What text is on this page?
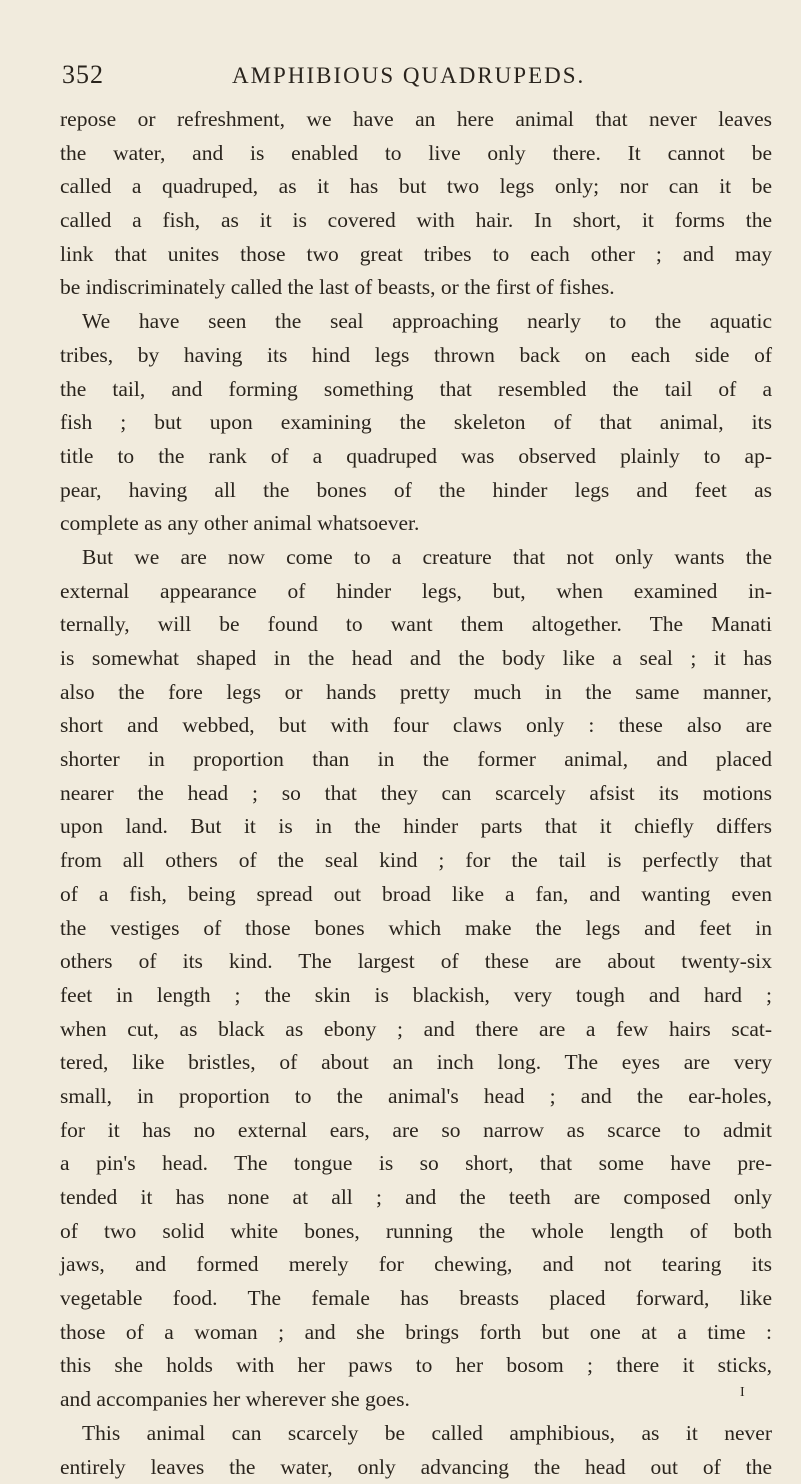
352	AMPHIBIOUS QUADRUPEDS.
repose or refreshment, we have an here animal that never leaves
the water, and is enabled to live only there. It cannot be
called a quadruped, as it has but two legs only; nor can it be
called a fish, as it is covered with hair. In short, it forms the
link that unites those two great tribes to each other ; and may
be indiscriminately called the last of beasts, or the first of fishes.
We have seen the seal approaching nearly to the aquatic
tribes, by having its hind legs thrown back on each side of
the tail, and forming something that resembled the tail of a
fish ; but upon examining the skeleton of that animal, its
title to the rank of a quadruped was observed plainly to ap-
pear, having all the bones of the hinder legs and feet as
complete as any other animal whatsoever.
But we are now come to a creature that not only wants the
external appearance of hinder legs, but, when examined in-
ternally, will be found to want them altogether. The Manati
is somewhat shaped in the head and the body like a seal ; it has
also the fore legs or hands pretty much in the same manner,
short and webbed, but with four claws only : these also are
shorter in proportion than in the former animal, and placed
nearer the head ; so that they can scarcely afsist its motions
upon land. But it is in the hinder parts that it chiefly differs
from all others of the seal kind ; for the tail is perfectly that
of a fish, being spread out broad like a fan, and wanting even
the vestiges of those bones which make the legs and feet in
others of its kind. The largest of these are about twenty-six
feet in length ; the skin is blackish, very tough and hard ;
when cut, as black as ebony ; and there are a few hairs scat-
tered, like bristles, of about an inch long. The eyes are very
small, in proportion to the animal's head ; and the ear-holes,
for it has no external ears, are so narrow as scarce to admit
a pin's head. The tongue is so short, that some have pre-
tended it has none at all ; and the teeth are composed only
of two solid white bones, running the whole length of both
jaws, and formed merely for chewing, and not tearing its
vegetable food. The female has breasts placed forward, like
those of a woman ; and she brings forth but one at a time :
this she holds with her paws to her bosom ; there it sticks,
and accompanies her wherever she goes.
This animal can scarcely be called amphibious, as it never
entirely leaves the water, only advancing the head out of the
I
